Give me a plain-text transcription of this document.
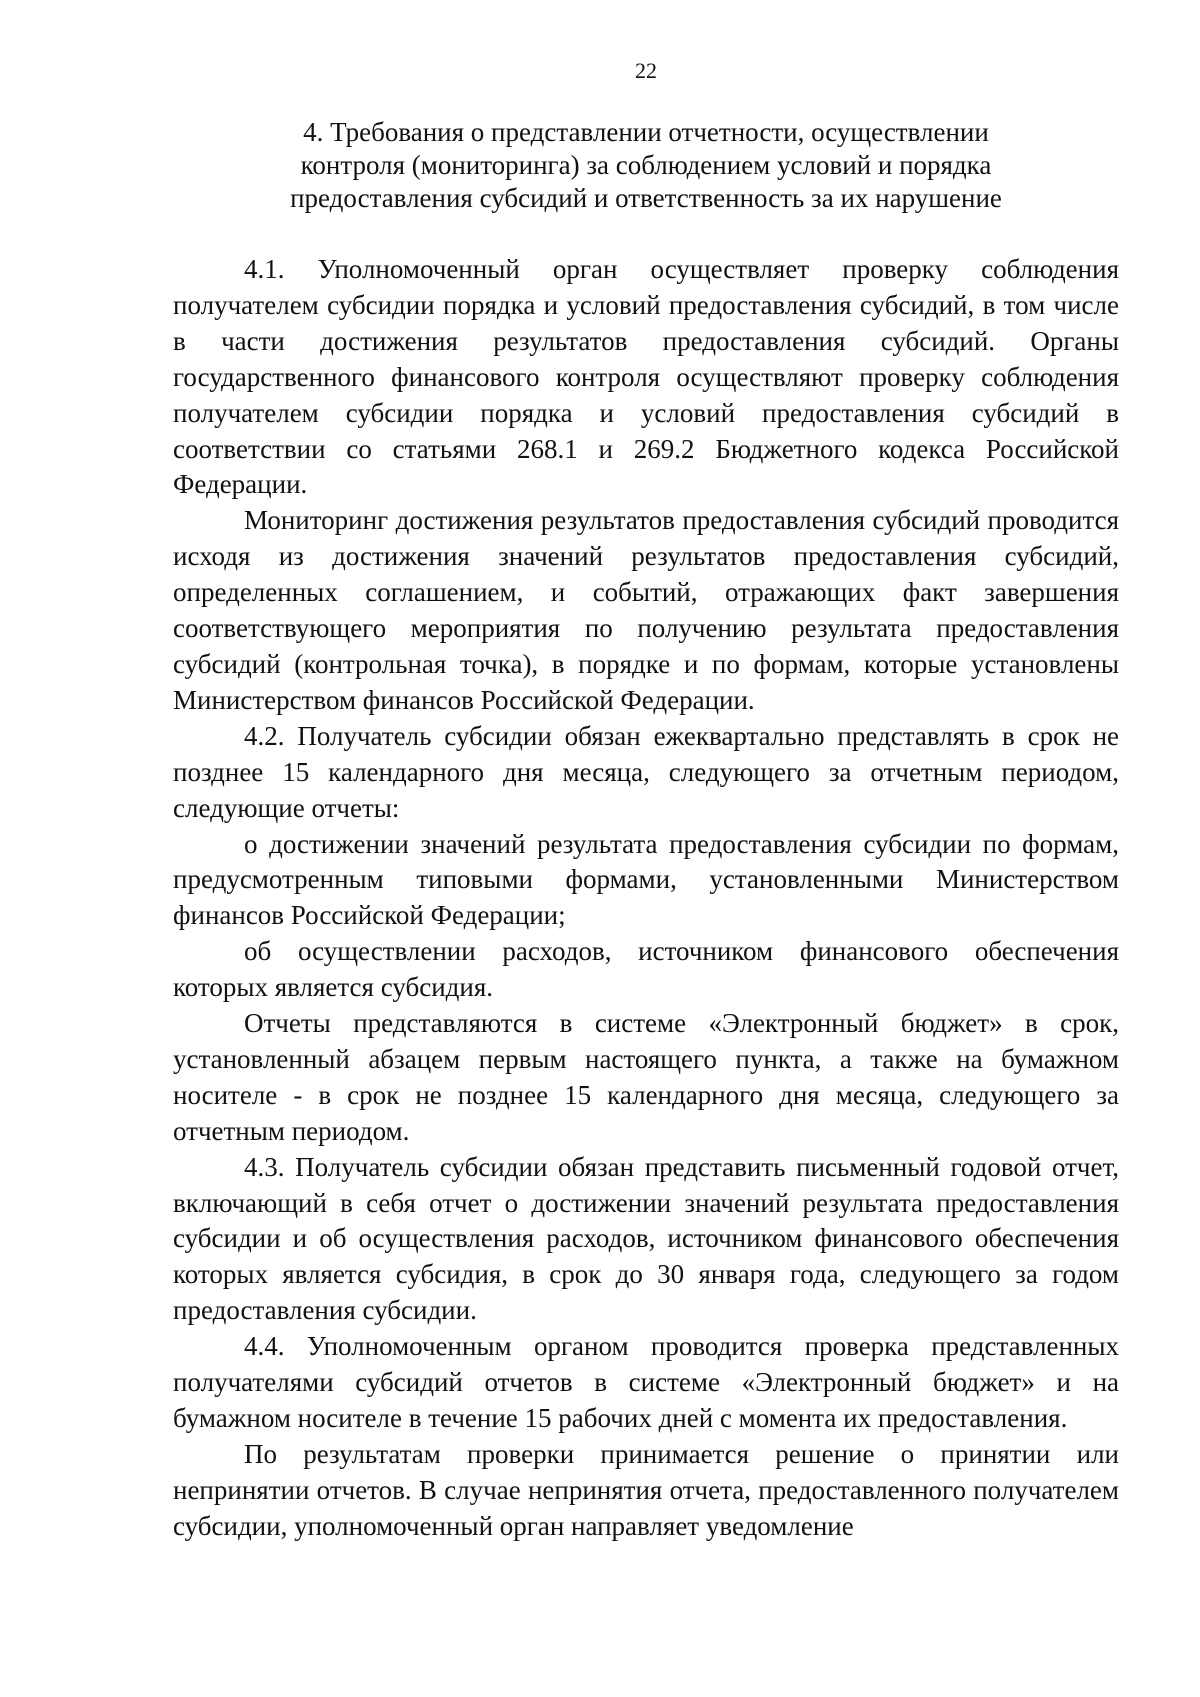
22
4. Требования о представлении отчетности, осуществлении
контроля (мониторинга) за соблюдением условий и порядка
предоставления субсидий и ответственность за их нарушение

4.1. Уполномоченный орган осуществляет проверку соблюдения получателем субсидии порядка и условий предоставления субсидий, в том числе в части достижения результатов предоставления субсидий. Органы государственного финансового контроля осуществляют проверку соблюдения получателем субсидии порядка и условий предоставления субсидий в соответствии со статьями 268.1 и 269.2 Бюджетного кодекса Российской Федерации.

Мониторинг достижения результатов предоставления субсидий проводится исходя из достижения значений результатов предоставления субсидий, определенных соглашением, и событий, отражающих факт завершения соответствующего мероприятия по получению результата предоставления субсидий (контрольная точка), в порядке и по формам, которые установлены Министерством финансов Российской Федерации.

4.2. Получатель субсидии обязан ежеквартально представлять в срок не позднее 15 календарного дня месяца, следующего за отчетным периодом, следующие отчеты:

о достижении значений результата предоставления субсидии по формам, предусмотренным типовыми формами, установленными Министерством финансов Российской Федерации;

об осуществлении расходов, источником финансового обеспечения которых является субсидия.

Отчеты представляются в системе «Электронный бюджет» в срок, установленный абзацем первым настоящего пункта, а также на бумажном носителе - в срок не позднее 15 календарного дня месяца, следующего за отчетным периодом.

4.3. Получатель субсидии обязан представить письменный годовой отчет, включающий в себя отчет о достижении значений результата предоставления субсидии и об осуществления расходов, источником финансового обеспечения которых является субсидия, в срок до 30 января года, следующего за годом предоставления субсидии.

4.4. Уполномоченным органом проводится проверка представленных получателями субсидий отчетов в системе «Электронный бюджет» и на бумажном носителе в течение 15 рабочих дней с момента их предоставления.

По результатам проверки принимается решение о принятии или непринятии отчетов. В случае непринятия отчета, предоставленного получателем субсидии, уполномоченный орган направляет уведомление
